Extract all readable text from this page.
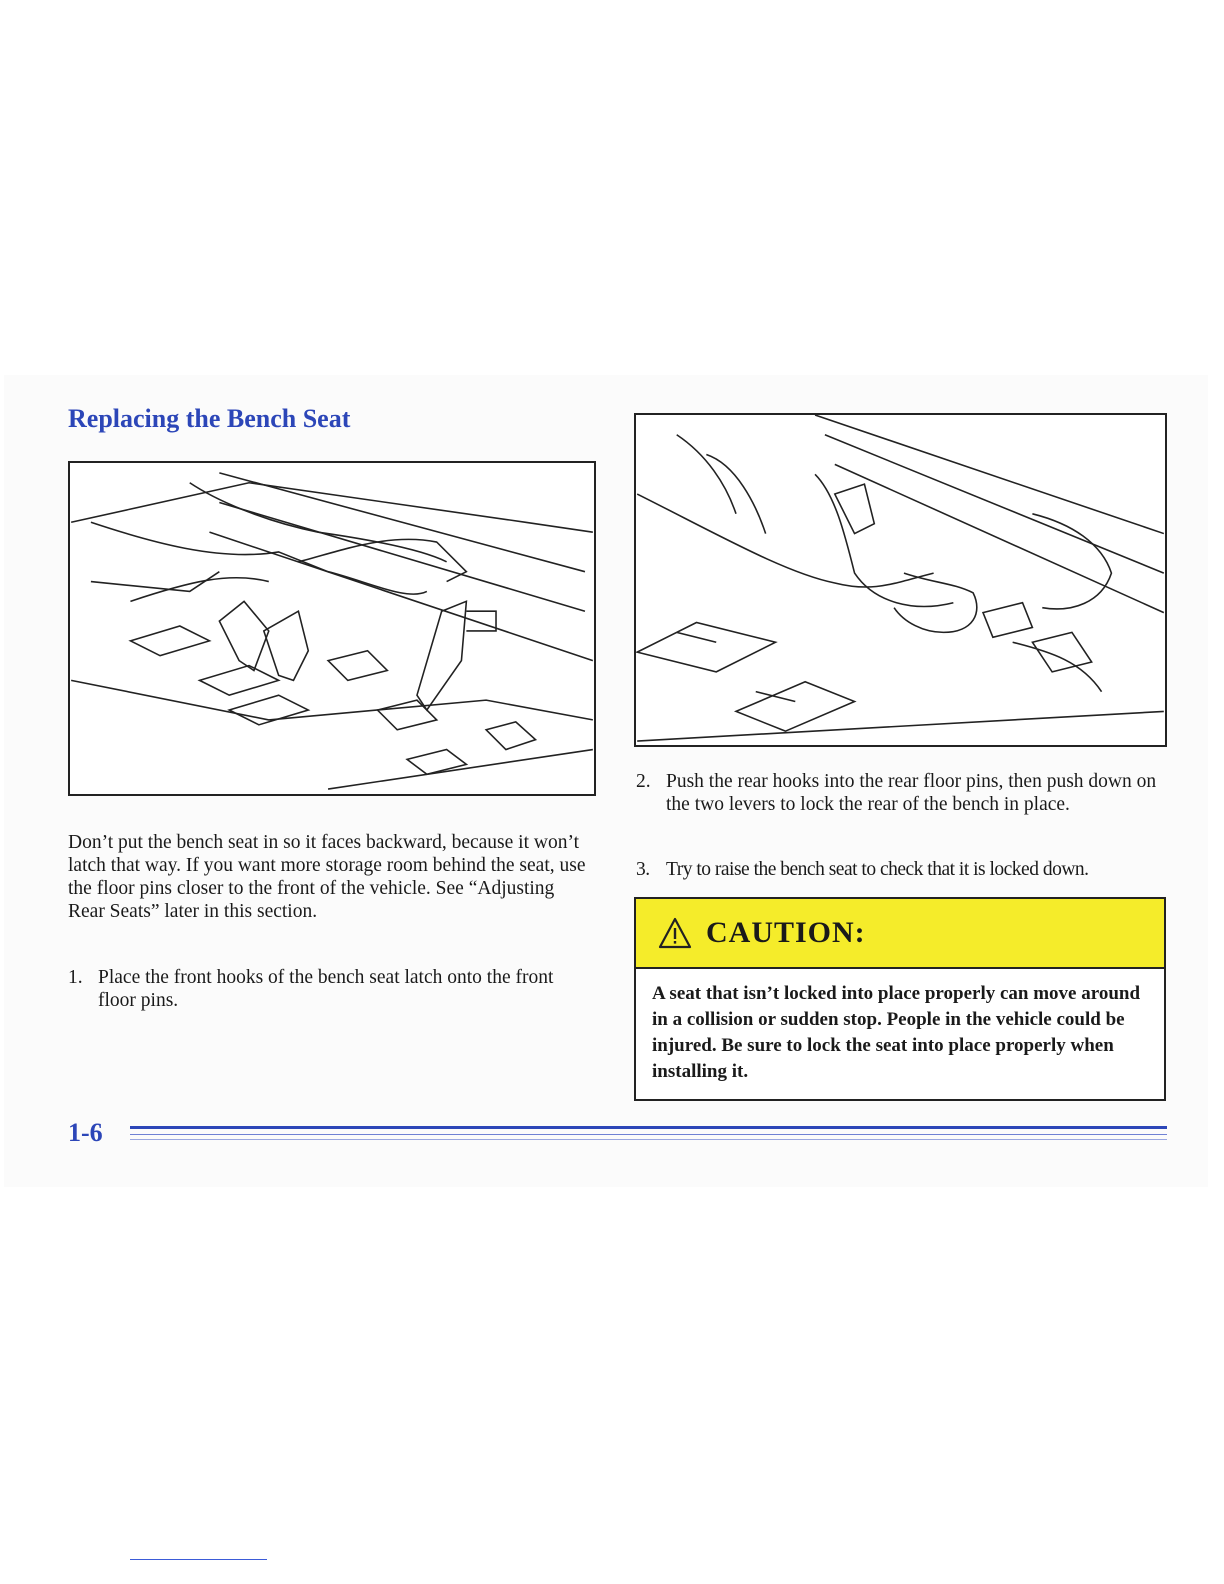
Replacing the Bench Seat

Don’t put the bench seat in so it faces backward, because it won’t latch that way. If you want more storage room behind the seat, use the floor pins closer to the front of the vehicle. See “Adjusting Rear Seats” later in this section.

1. Place the front hooks of the bench seat latch onto the front floor pins.
2. Push the rear hooks into the rear floor pins, then push down on the two levers to lock the rear of the bench in place.
3. Try to raise the bench seat to check that it is locked down.
CAUTION:
A seat that isn’t locked into place properly can move around in a collision or sudden stop. People in the vehicle could be injured. Be sure to lock the seat into place properly when installing it.
1-6
